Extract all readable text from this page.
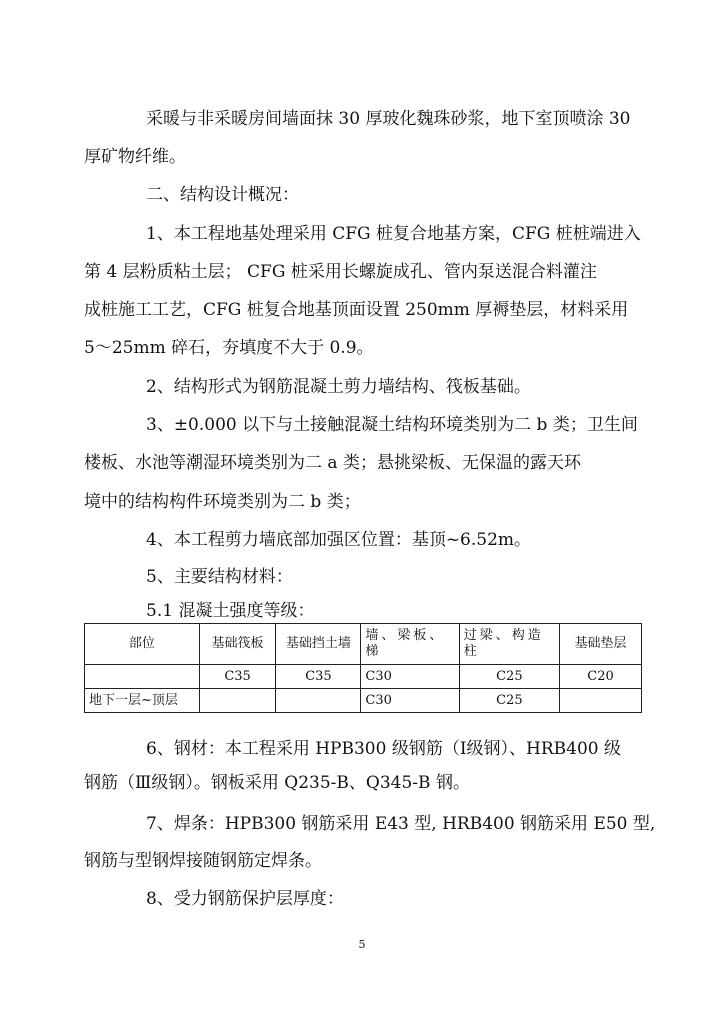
采暖与非采暖房间墙面抹 30 厚玻化魏珠砂浆，地下室顶喷涂 30
厚矿物纤维。
二、结构设计概况：
1、本工程地基处理采用 CFG 桩复合地基方案，CFG 桩桩端进入
第 4 层粉质粘土层； CFG 桩采用长螺旋成孔、管内泵送混合料灌注
成桩施工工艺，CFG 桩复合地基顶面设置 250mm 厚褥垫层，材料采用
5～25mm 碎石，夯填度不大于 0.9。
2、结构形式为钢筋混凝土剪力墙结构、筏板基础。
3、±0.000 以下与土接触混凝土结构环境类别为二 b 类；卫生间
楼板、水池等潮湿环境类别为二 a 类；悬挑梁板、无保温的露天环
境中的结构构件环境类别为二 b 类；
4、本工程剪力墙底部加强区位置：基顶~6.52m。
5、主要结构材料：
5.1 混凝土强度等级：
部位	基础筏板	基础挡土墙	墙、梁板、梯	过梁、构造柱	基础垫层
	C35	C35	C30	C25	C20
地下一层~顶层			C30	C25	
6、钢材：本工程采用 HPB300 级钢筋（Ⅰ级钢）、HRB400 级
钢筋（Ⅲ级钢）。钢板采用 Q235-B、Q345-B 钢。
7、焊条：HPB300 钢筋采用 E43 型, HRB400 钢筋采用 E50 型,
钢筋与型钢焊接随钢筋定焊条。
8、受力钢筋保护层厚度：
5
